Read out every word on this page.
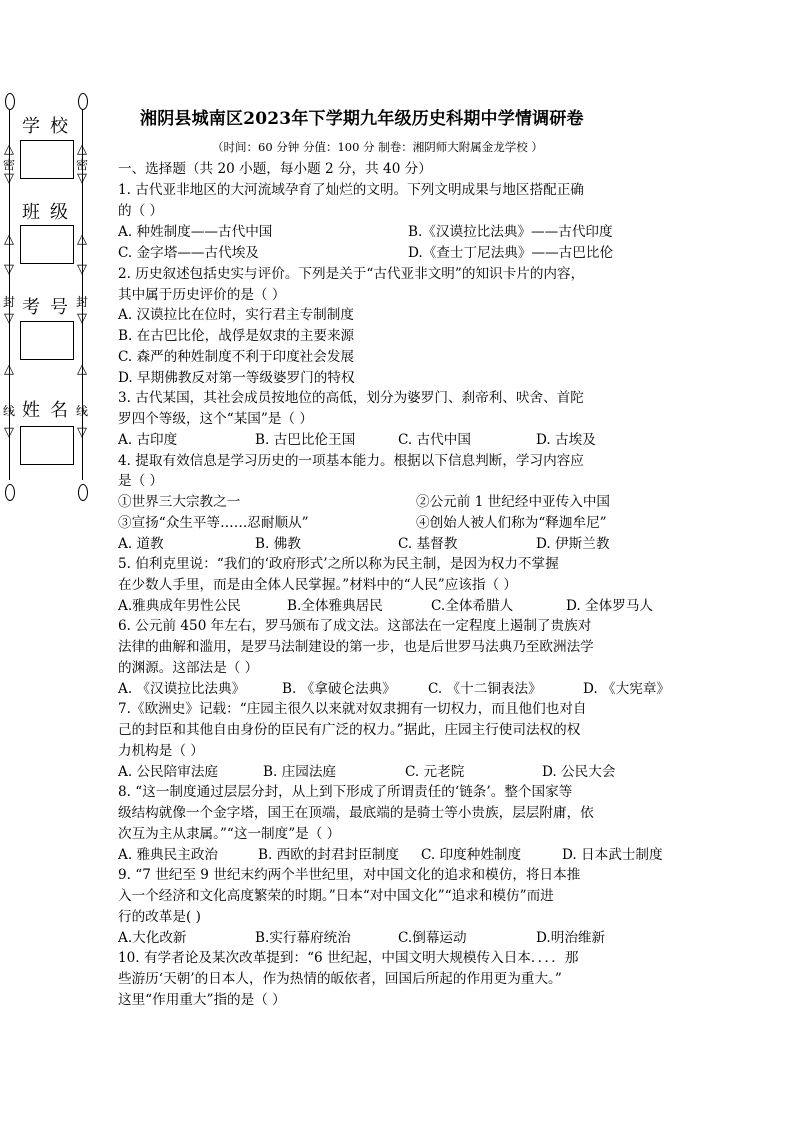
△
密
▽
△
▽
封
▽
△
线
▽
△
密
▽
△
▽
封
▽
△
线
▽
学校
班级
考号
姓名
湘阴县城南区2023年下学期九年级历史科期中学情调研卷
（时间：60 分钟 分值：100 分 制卷：湘阴师大附属金龙学校 ）
一、选择题（共 20 小题，每小题 2 分，共 40 分）
1. 古代亚非地区的大河流域孕育了灿烂的文明。下列文明成果与地区搭配正确
的（ ）
A. 种姓制度——古代中国	B.《汉谟拉比法典》——古代印度
C. 金字塔——古代埃及	D.《查士丁尼法典》——古巴比伦
2. 历史叙述包括史实与评价。下列是关于“古代亚非文明”的知识卡片的内容，
其中属于历史评价的是（ ）
A. 汉谟拉比在位时，实行君主专制制度
B. 在古巴比伦，战俘是奴隶的主要来源
C. 森严的种姓制度不利于印度社会发展
D. 早期佛教反对第一等级婆罗门的特权
3. 古代某国，其社会成员按地位的高低，划分为婆罗门、刹帝利、吠舍、首陀
罗四个等级，这个“某国”是（ ）
A. 古印度	B. 古巴比伦王国	C. 古代中国	D. 古埃及
4. 提取有效信息是学习历史的一项基本能力。根据以下信息判断，学习内容应
是（ ）
①世界三大宗教之一	②公元前 1 世纪经中亚传入中国
③宣扬“众生平等……忍耐顺从”	④创始人被人们称为“释迦牟尼”
A. 道教	B. 佛教	C. 基督教	D. 伊斯兰教
5. 伯利克里说：“我们的‘政府形式’之所以称为民主制，是因为权力不掌握
在少数人手里，而是由全体人民掌握。”材料中的“人民”应该指（ ）
A.雅典成年男性公民	B.全体雅典居民	C.全体希腊人	D. 全体罗马人
6. 公元前 450 年左右，罗马颁布了成文法。这部法在一定程度上遏制了贵族对
法律的曲解和滥用，是罗马法制建设的第一步，也是后世罗马法典乃至欧洲法学
的渊源。这部法是（ ）
A. 《汉谟拉比法典》	B. 《拿破仑法典》 C. 《十二铜表法》	D. 《大宪章》
7.《欧洲史》记载：“庄园主很久以来就对奴隶拥有一切权力，而且他们也对自
己的封臣和其他自由身份的臣民有广泛的权力。”据此，庄园主行使司法权的权
力机构是（ ）
A. 公民陪审法庭	B. 庄园法庭	C. 元老院	D. 公民大会
8. “这一制度通过层层分封，从上到下形成了所谓责任的‘链条’。整个国家等
级结构就像一个金字塔，国王在顶端，最底端的是骑士等小贵族，层层附庸，依
次互为主从隶属。”“这一制度”是（ ）
A. 雅典民主政治	B. 西欧的封君封臣制度 C. 印度种姓制度	D. 日本武士制度
9. “7 世纪至 9 世纪末约两个半世纪里，对中国文化的追求和模仿，将日本推
入一个经济和文化高度繁荣的时期。”日本“对中国文化”“追求和模仿”而进
行的改革是( )
A.大化改新	B.实行幕府统治	C.倒幕运动	D.明治维新
10. 有学者论及某次改革提到：“6 世纪起，中国文明大规模传入日本．．．．那
些游历‘天朝’的日本人，作为热情的皈依者，回国后所起的作用更为重大。”
这里“作用重大”指的是（ ）
